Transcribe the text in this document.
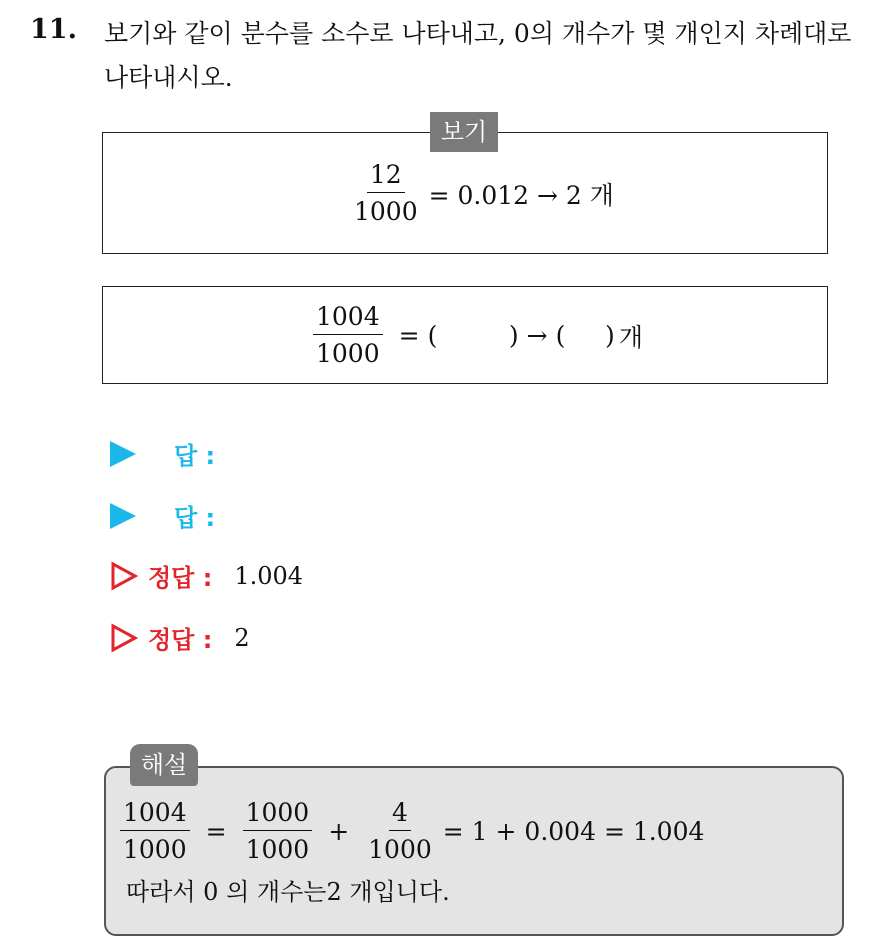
11. 보기와 같이 분수를 소수로 나타내고, 0의 개수가 몇 개인지 차례대로 나타내시오.
보기
$\frac{12}{1000} = 0.012 \to 2$ 개
$\frac{1004}{1000}$ = (         ) → (     ) 개
답 :
답 :
정답 : 1.004
정답 : 2
해설
$\frac{1004}{1000} = \frac{1000}{1000} + \frac{4}{1000} = 1 + 0.004 = 1.004$
따라서 0 의 개수는2 개입니다.
